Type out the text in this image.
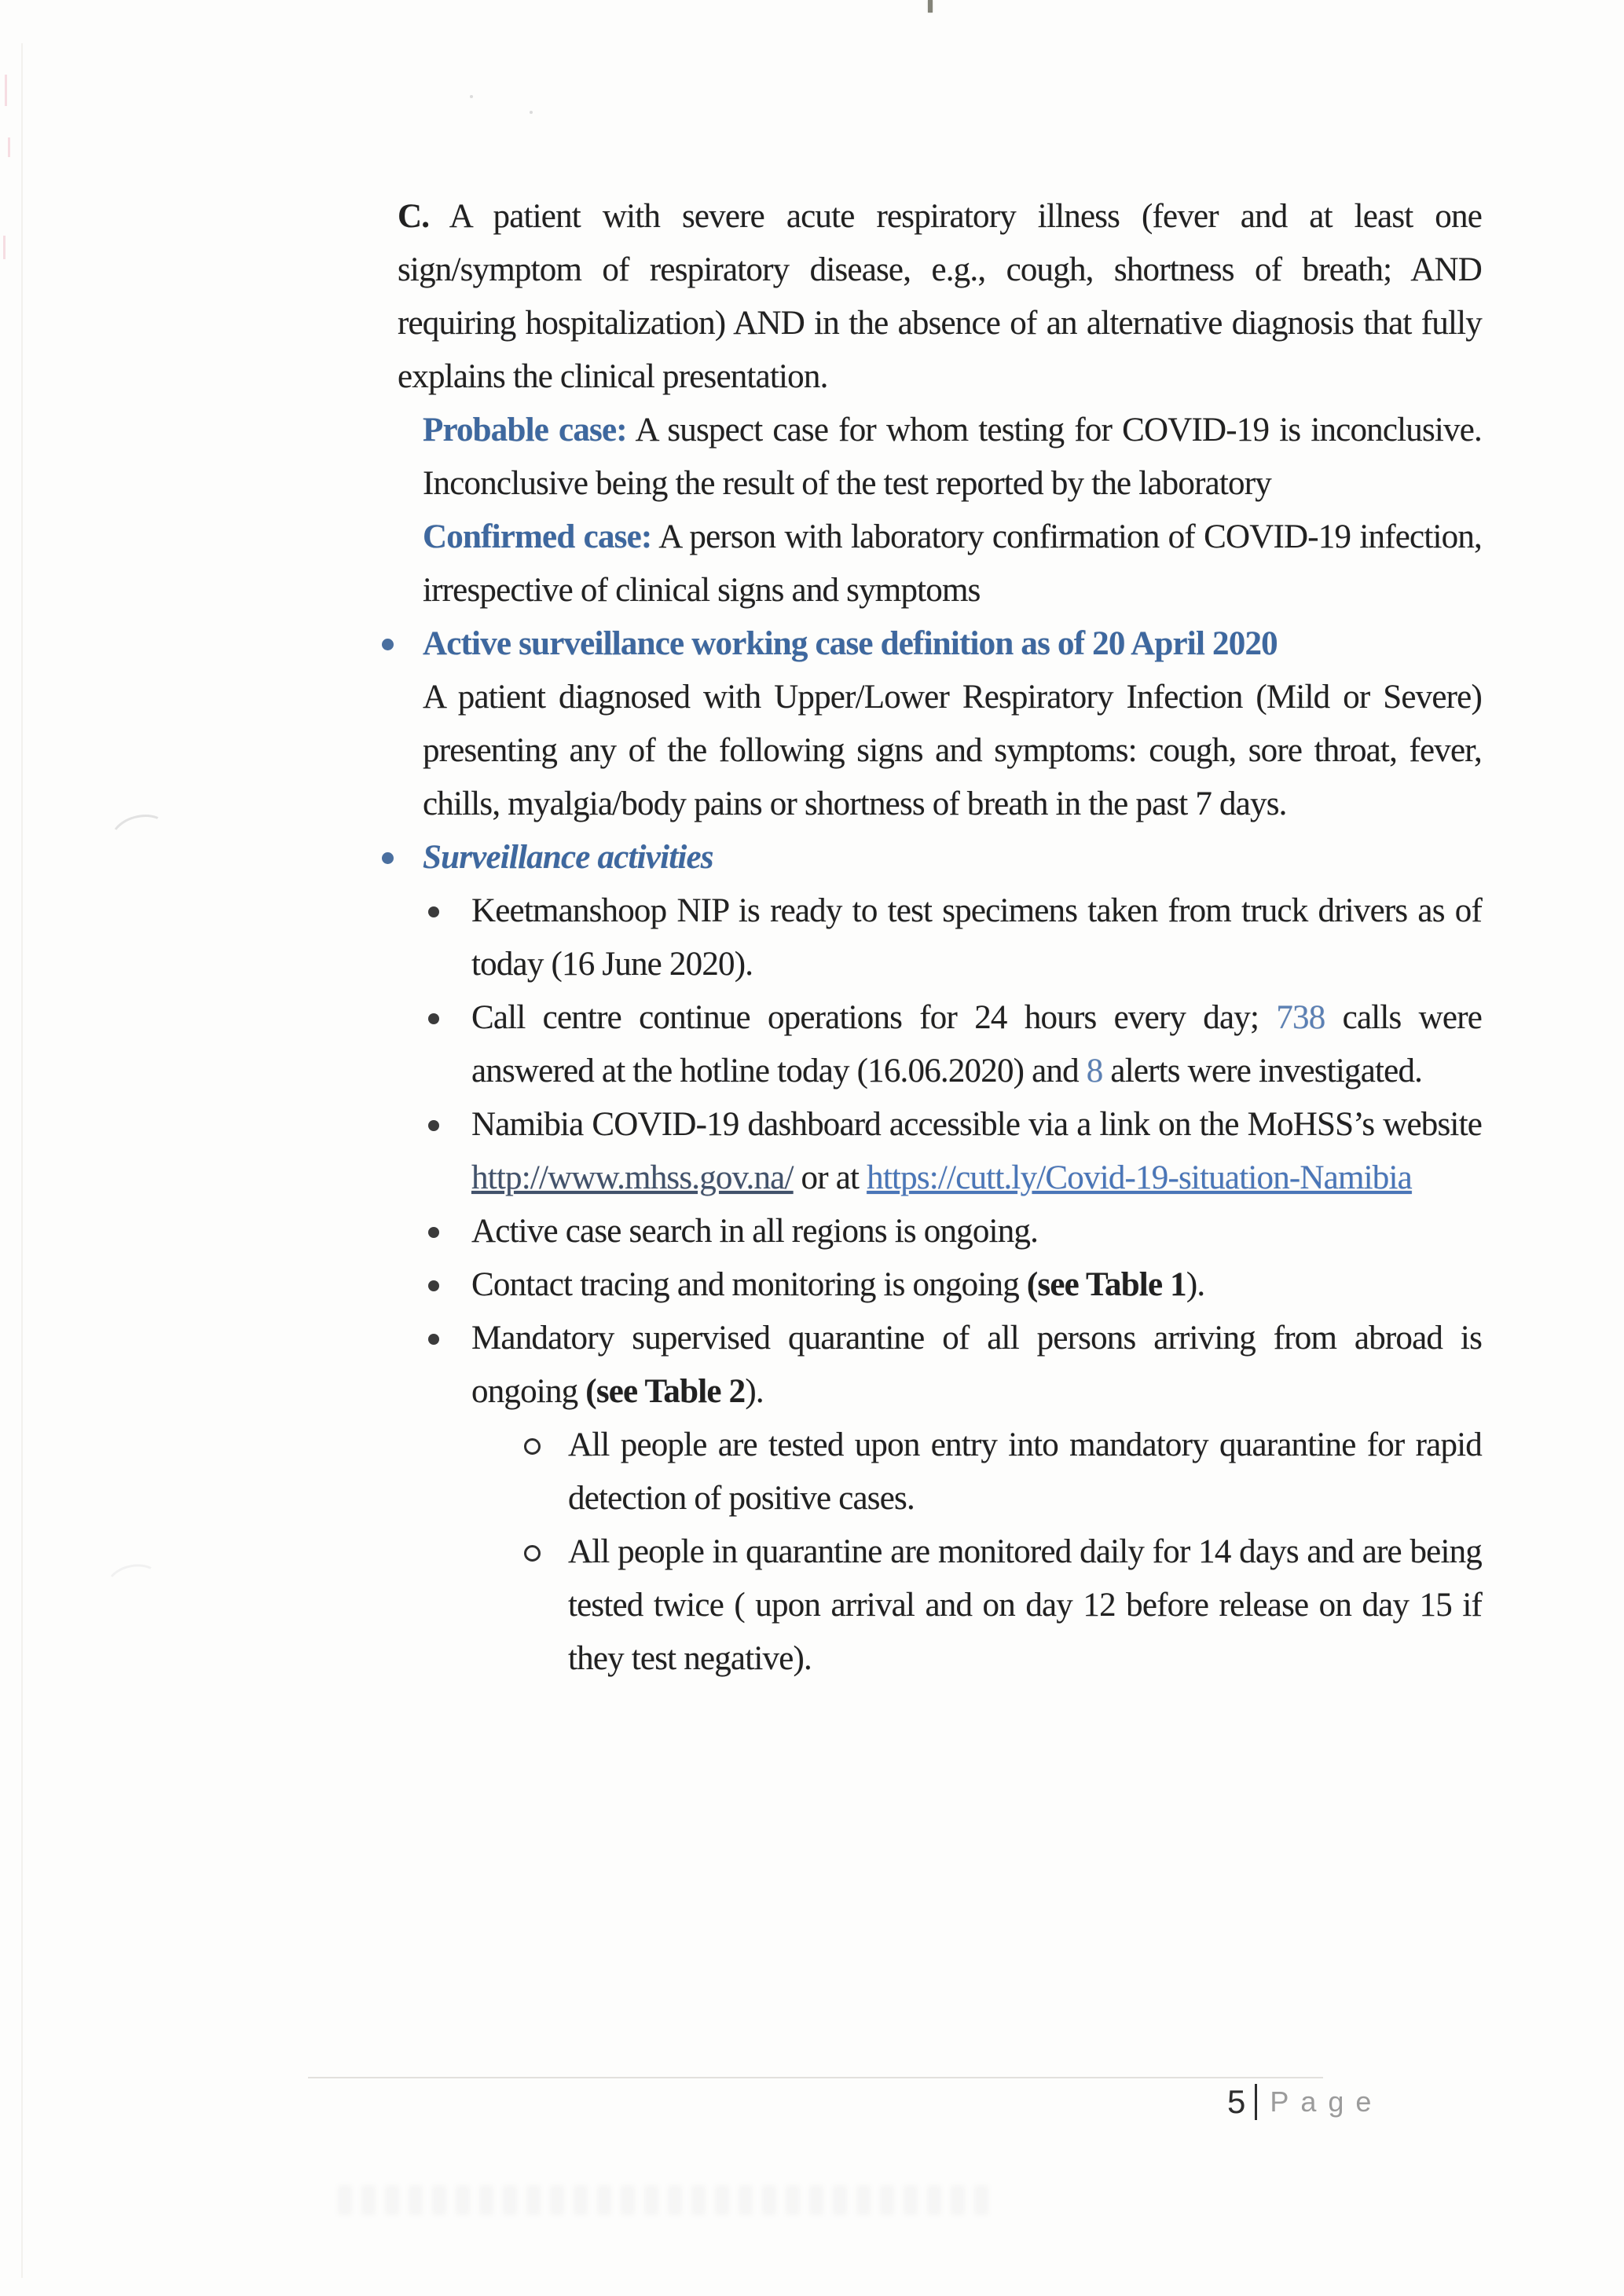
C. A patient with severe acute respiratory illness (fever and at least one sign/symptom of respiratory disease, e.g., cough, shortness of breath; AND requiring hospitalization) AND in the absence of an alternative diagnosis that fully explains the clinical presentation.

Probable case: A suspect case for whom testing for COVID-19 is inconclusive. Inconclusive being the result of the test reported by the laboratory

Confirmed case: A person with laboratory confirmation of COVID-19 infection, irrespective of clinical signs and symptoms

Active surveillance working case definition as of 20 April 2020

A patient diagnosed with Upper/Lower Respiratory Infection (Mild or Severe) presenting any of the following signs and symptoms: cough, sore throat, fever, chills, myalgia/body pains or shortness of breath in the past 7 days.

Surveillance activities
Keetmanshoop NIP is ready to test specimens taken from truck drivers as of today (16 June 2020).
Call centre continue operations for 24 hours every day; 738 calls were answered at the hotline today (16.06.2020) and 8 alerts were investigated.
Namibia COVID-19 dashboard accessible via a link on the MoHSS’s website http://www.mhss.gov.na/ or at https://cutt.ly/Covid-19-situation-Namibia
Active case search in all regions is ongoing.
Contact tracing and monitoring is ongoing (see Table 1).
Mandatory supervised quarantine of all persons arriving from abroad is ongoing (see Table 2).
All people are tested upon entry into mandatory quarantine for rapid detection of positive cases.
All people in quarantine are monitored daily for 14 days and are being tested twice ( upon arrival and on day 12 before release on day 15 if they test negative).
5 Page
